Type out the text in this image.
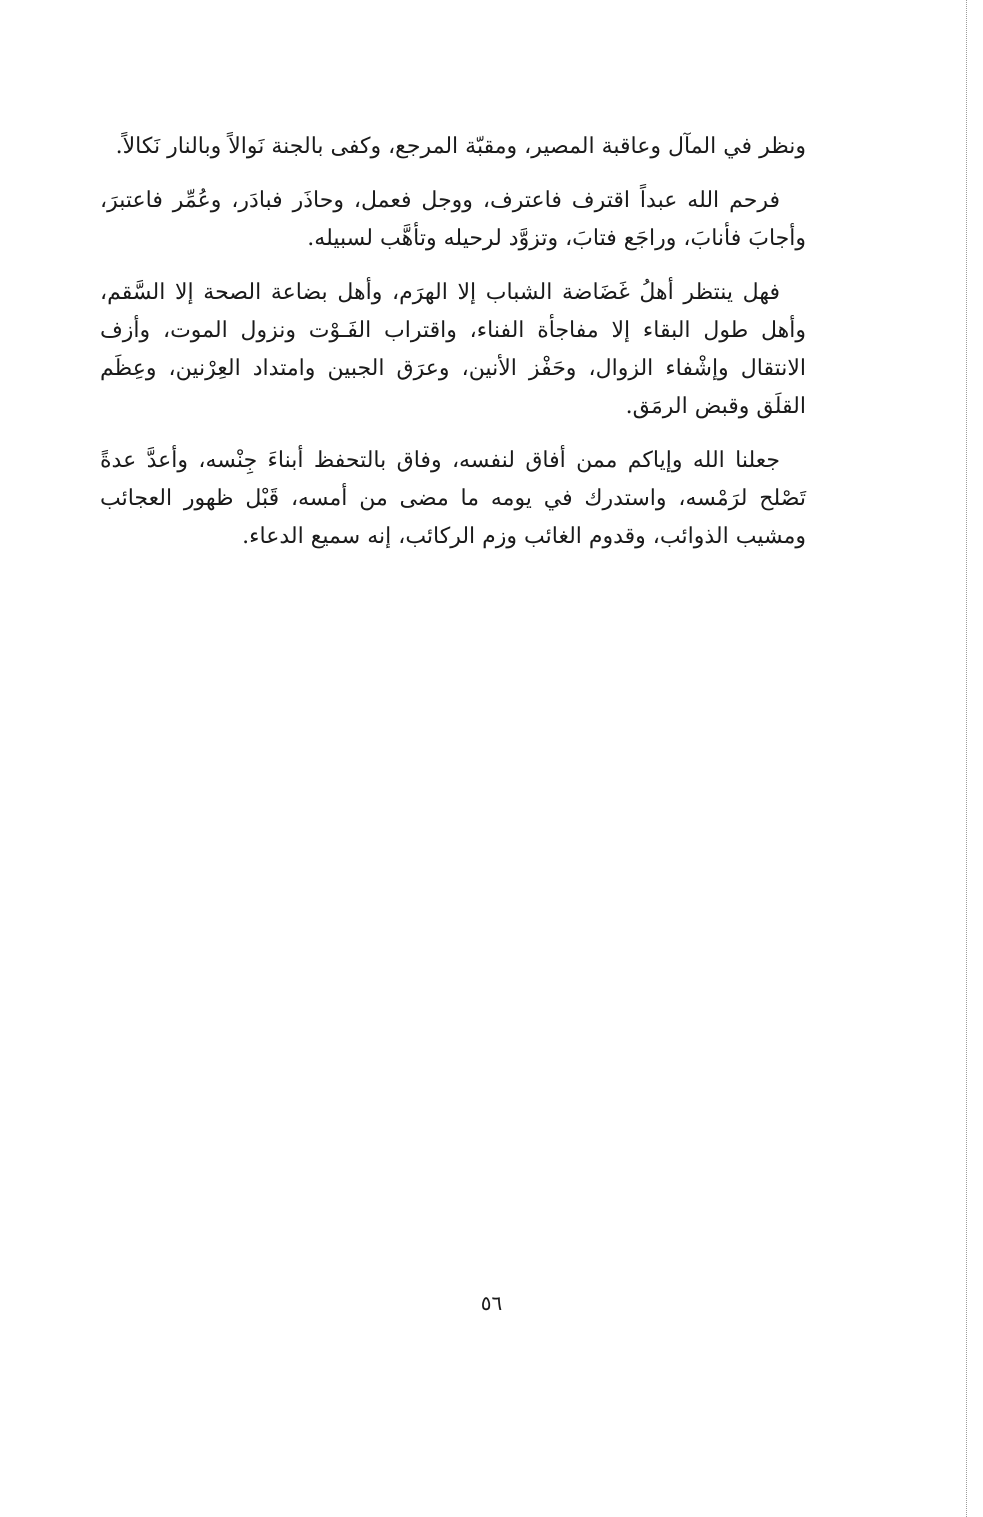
ونظر في المآل وعاقبة المصير، ومقبّة المرجع، وكفى بالجنة نَوالاً وبالنار نَكالاً.

فرحم الله عبداً اقترف فاعترف، ووجل فعمل، وحاذَر فبادَر، وعُمِّر فاعتبرَ، وأجابَ فأنابَ، وراجَع فتابَ، وتزوَّد لرحيله وتأهَّب لسبيله.

فهل ينتظر أهلُ غَضَاضة الشباب إلا الهرَم، وأهل بضاعة الصحة إلا السَّقم، وأهل طول البقاء إلا مفاجأة الفناء، واقتراب الفَـوْت ونزول الموت، وأزف الانتقال وإشْفاء الزوال، وحَفْز الأنين، وعرَق الجبين وامتداد العِرْنين، وعِظَم القلَق وقبض الرمَق.

جعلنا الله وإياكم ممن أفاق لنفسه، وفاق بالتحفظ أبناءَ جِنْسه، وأعدَّ عدةً تَصْلح لرَمْسه، واستدرك في يومه ما مضى من أمسه، قَبْل ظهور العجائب ومشيب الذوائب، وقدوم الغائب وزم الركائب، إنه سميع الدعاء.

٥٦
